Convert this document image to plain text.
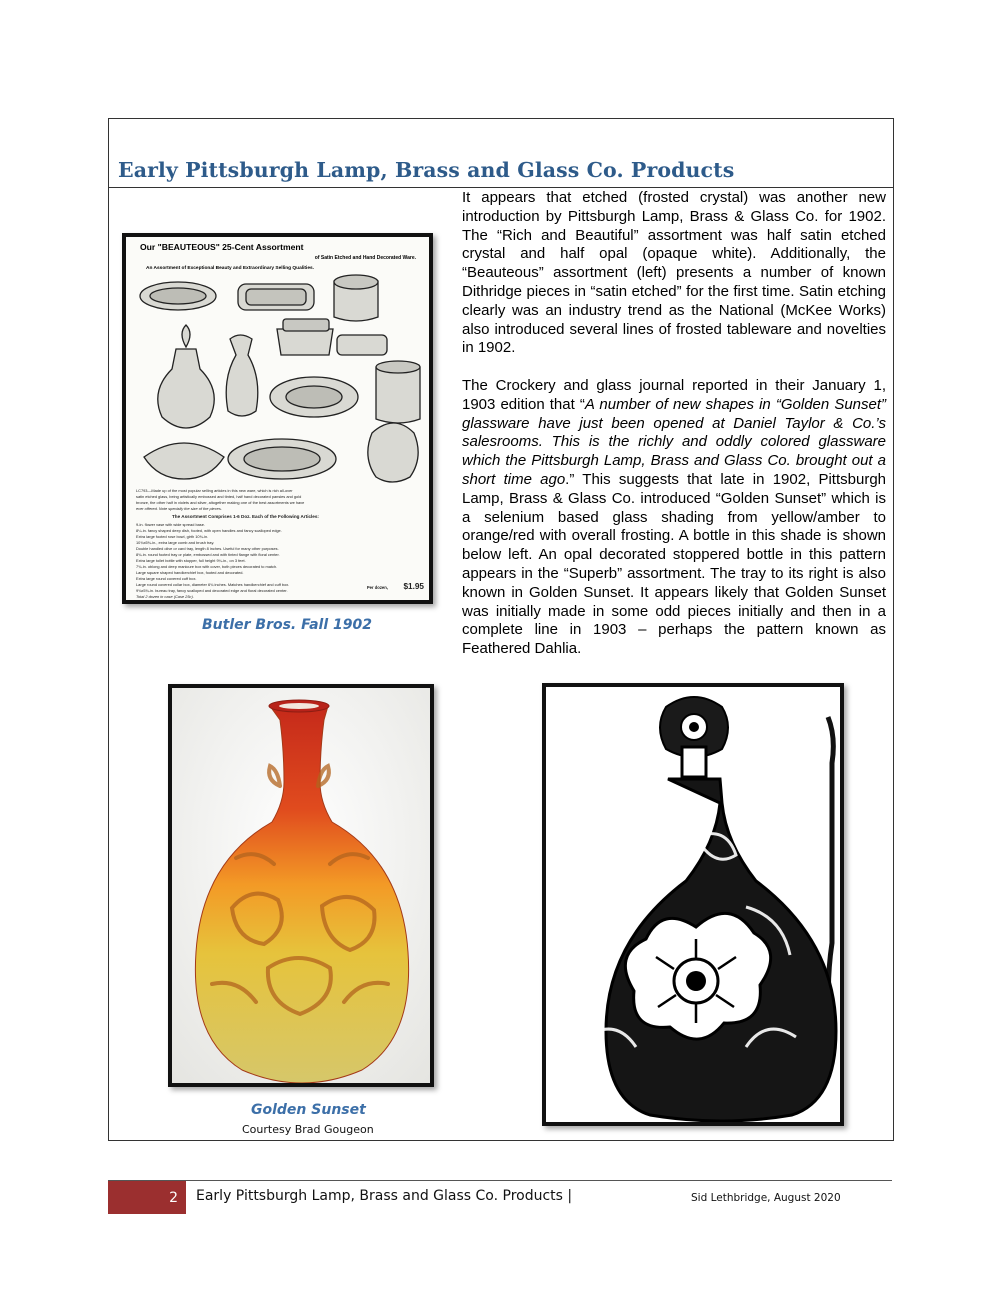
Early Pittsburgh Lamp, Brass and Glass Co. Products

It appears that etched (frosted crystal) was another new introduction by Pittsburgh Lamp, Brass & Glass Co. for 1902. The “Rich and Beautiful” assortment was half satin etched crystal and half opal (opaque white). Additionally, the “Beauteous” assortment (left) presents a number of known Dithridge pieces in “satin etched” for the first time. Satin etching clearly was an industry trend as the National (McKee Works) also introduced several lines of frosted tableware and novelties in 1902.

The Crockery and glass journal reported in their January 1, 1903 edition that “A number of new shapes in “Golden Sunset” glassware have just been opened at Daniel Taylor & Co.’s salesrooms. This is the richly and oddly colored glassware which the Pittsburgh Lamp, Brass and Glass Co. brought out a short time ago.” This suggests that late in 1902, Pittsburgh Lamp, Brass & Glass Co. introduced “Golden Sunset” which is a selenium based glass shading from yellow/amber to orange/red with overall frosting. A bottle in this shade is shown below left. An opal decorated stoppered bottle in this pattern appears in the “Superb” assortment. The tray to its right is also known in Golden Sunset. It appears likely that Golden Sunset was initially made in some odd pieces initially and then in a complete line in 1903 – perhaps the pattern known as Feathered Dahlia.

Our "BEAUTEOUS" 25-Cent Assortment
of Satin Etched and Hand Decorated Ware.
An Assortment of Exceptional Beauty and Extraordinary Selling Qualities.
LC793—Made up of the most popular selling articles in this new ware, which is rich all-over
satin etched glass, being artistically embossed and tinted, half hand decorated pansies and gold
bronze, the other half in violets and silver, altogether making one of the best assortments we have
ever offered. Note specially the size of the pieces.
The Assortment Comprises 1-6 Doz. Each of the Following Articles:
9-in. flower vase with wide spread base.
8¼-in. fancy shaped deep dish, footed, with open handles and fancy scalloped edge.
Extra large footed rose bowl, girth 10¾-in.
10¾x5¾-in., extra large comb and brush tray.
Double handled olive or card tray, length 8 inches. Useful for many other purposes.
8¾-in. round footed tray or plate, embossed and with tinted flange with floral center.
Extra large toilet bottle with stopper, full height 9¼-in., on 3 feet.
7¾-in. oblong and deep manicure box with cover, both pieces decorated to match.
Large square shaped handkerchief box, footed and decorated.
Extra large round covered cuff box.
Large round covered collar box, diameter 6¾ inches. Matches handkerchief and cuff box.
9¾x5¾-in. bureau tray, fancy scalloped and decorated edge and floral decorated center.
Total 2 dozen in case (Case 25c).
Per dozen, $1.95
Butler Bros. Fall 1902
Golden Sunset
Courtesy Brad Gougeon
2	Early Pittsburgh Lamp, Brass and Glass Co. Products |	Sid Lethbridge, August 2020
